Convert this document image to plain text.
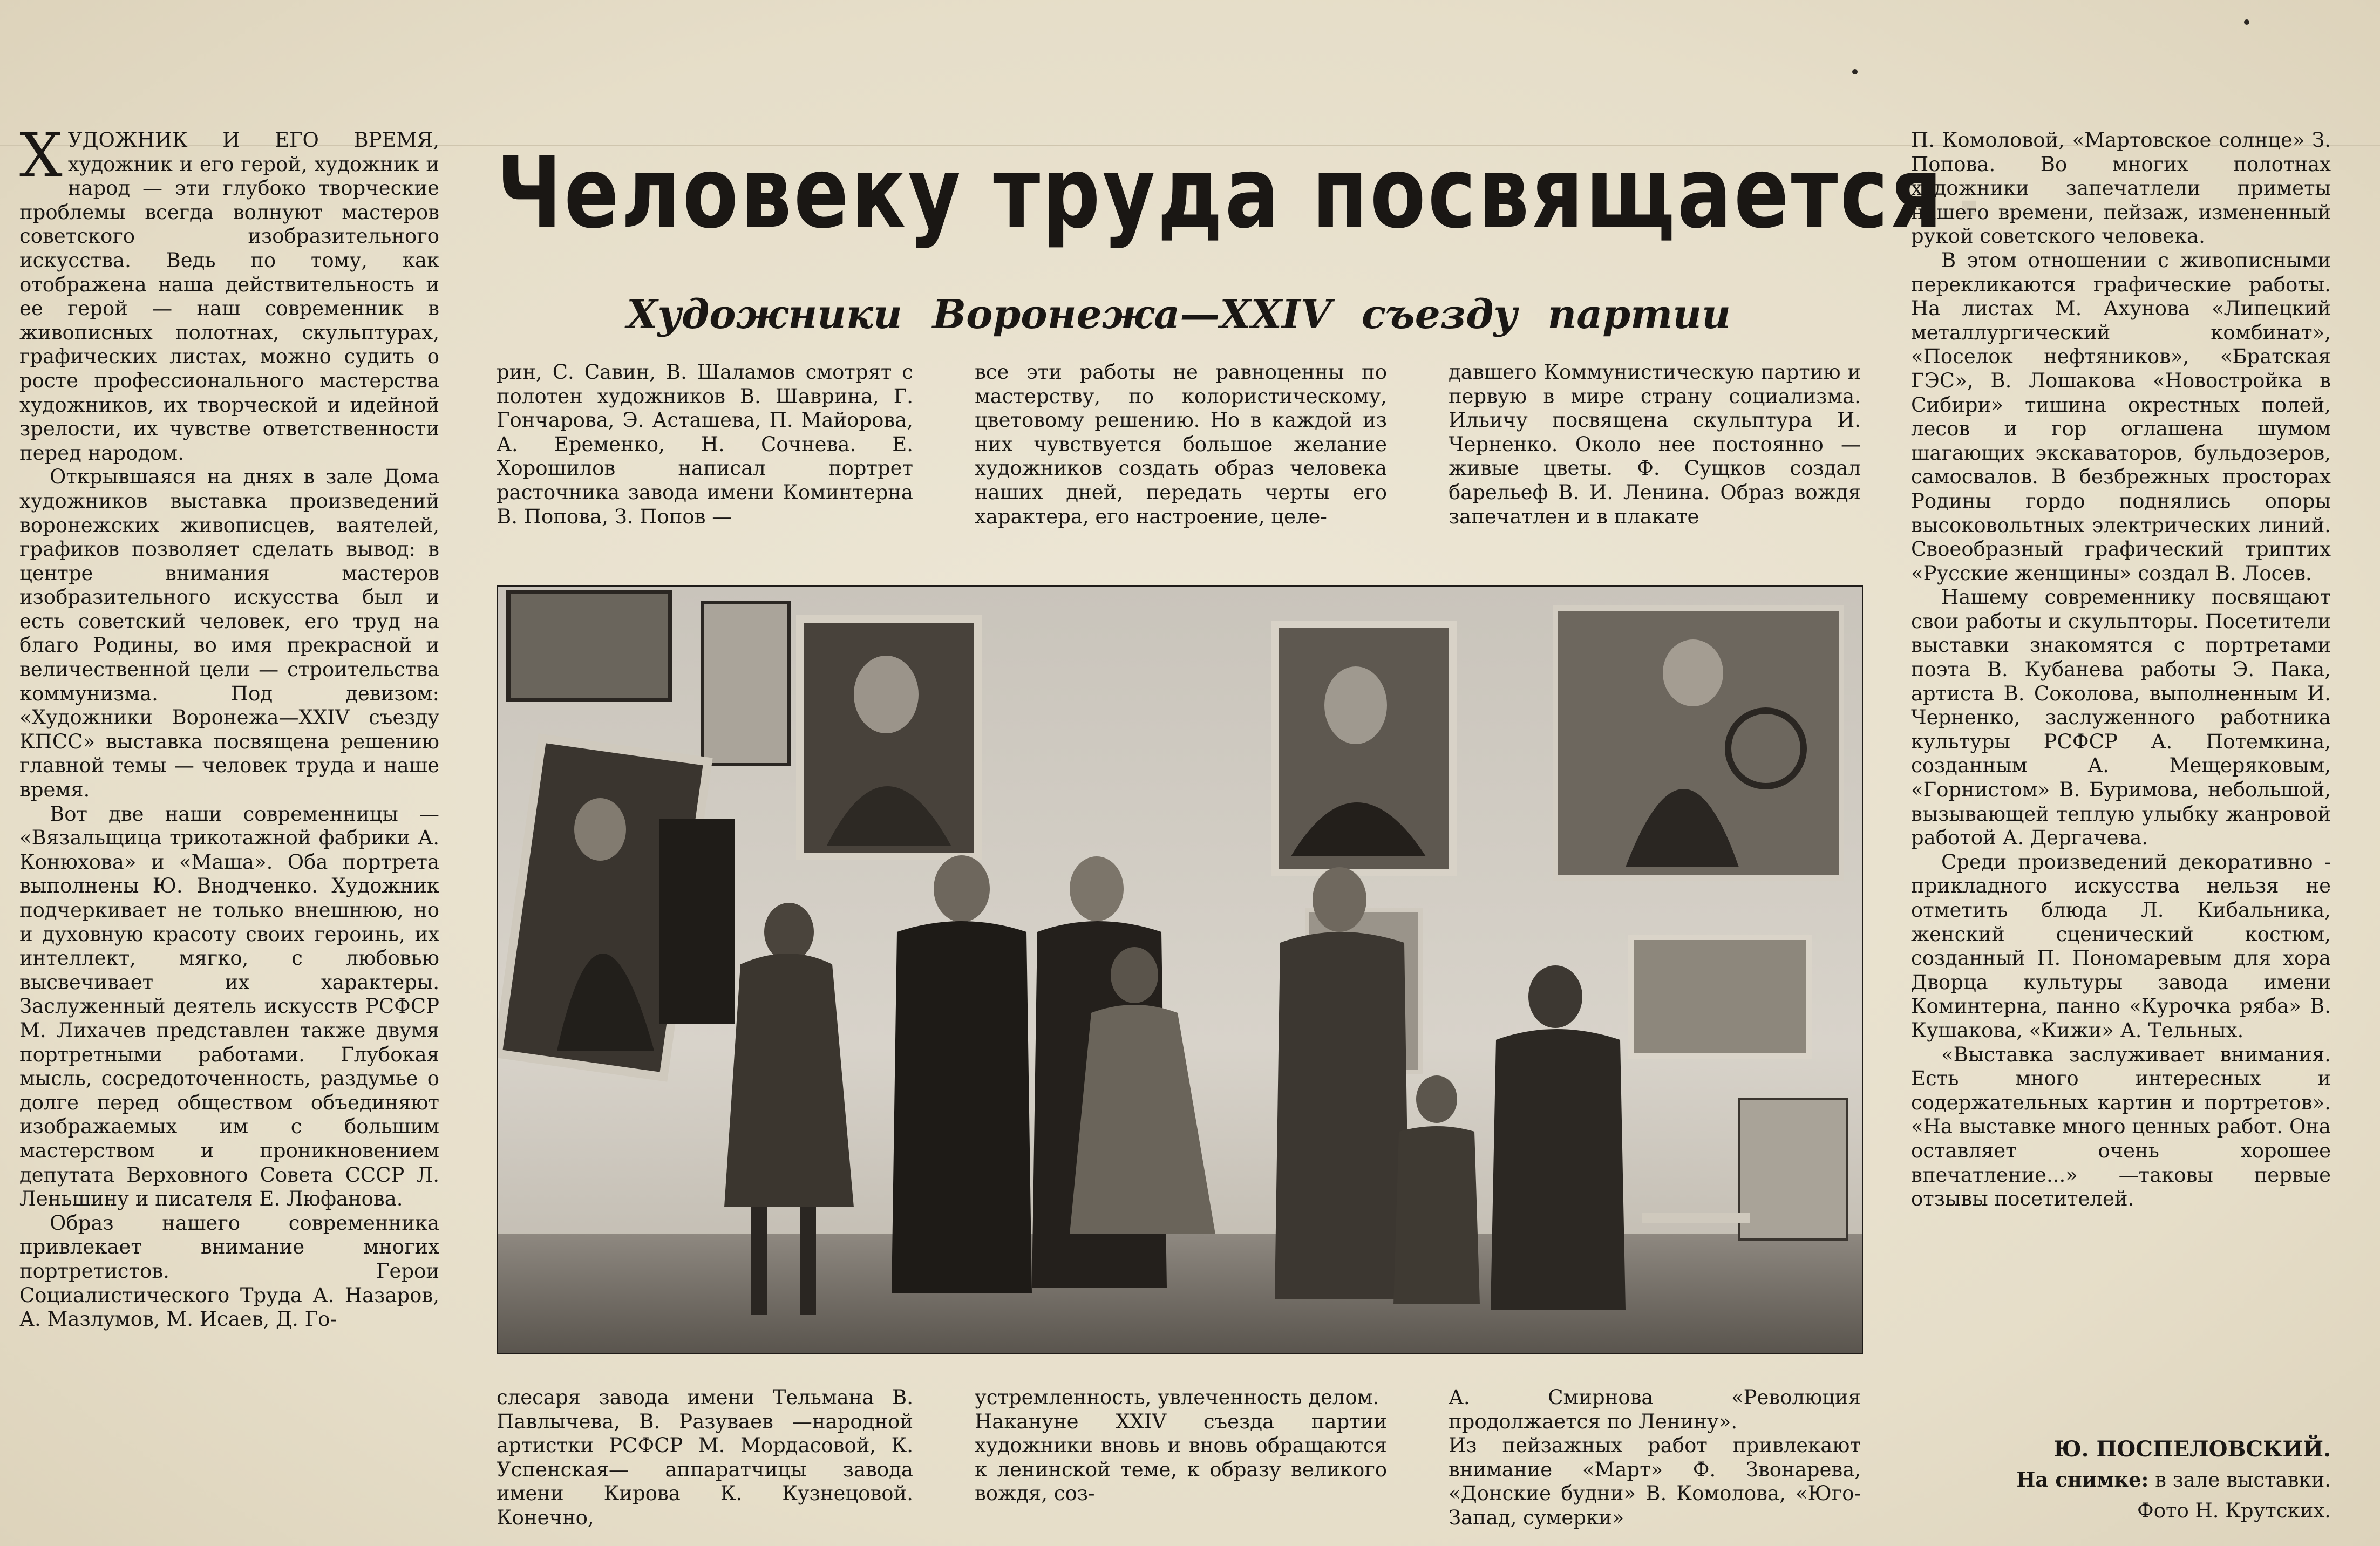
·

ХУДОЖНИК И ЕГО ВРЕМЯ, художник и его герой, художник и народ — эти глубоко творческие проблемы всегда волнуют мастеров советского изобразительного искусства. Ведь по тому, как отображена наша действительность и ее герой — наш современник в живописных полотнах, скульптурах, графических листах, можно судить о росте профессионального мастерства художников, их творческой и идейной зрелости, их чувстве ответственности перед народом.

Открывшаяся на днях в зале Дома художников выставка произведений воронежских живописцев, ваятелей, графиков позволяет сделать вывод: в центре внимания мастеров изобразительного искусства был и есть советский человек, его труд на благо Родины, во имя прекрасной и величественной цели — строительства коммунизма. Под девизом: «Художники Воронежа—XXIV съезду КПСС» выставка посвящена решению главной темы — человек труда и наше время.

Вот две наши современницы — «Вязальщица трикотажной фабрики А. Конюхова» и «Маша». Оба портрета выполнены Ю. Внодченко. Художник подчеркивает не только внешнюю, но и духовную красоту своих героинь, их интеллект, мягко, с любовью высвечивает их характеры. Заслуженный деятель искусств РСФСР М. Лихачев представлен также двумя портретными работами. Глубокая мысль, сосредоточенность, раздумье о долге перед обществом объединяют изображаемых им с большим мастерством и проникновением депутата Верховного Совета СССР Л. Леньшину и писателя Е. Люфанова.

Образ нашего современника привлекает внимание многих портретистов. Герои Социалистического Труда А. Назаров, А. Мазлумов, М. Исаев, Д. Го-

Человеку труда посвящается
Художники Воронежа—XXIV съезду партии

рин, С. Савин, В. Шаламов смотрят с полотен художников В. Шаврина, Г. Гончарова, Э. Асташева, П. Майорова, А. Еременко, Н. Сочнева. Е. Хорошилов написал портрет расточника завода имени Коминтерна В. Попова, З. Попов —

все эти работы не равноценны по мастерству, по колористическому, цветовому решению. Но в каждой из них чувствуется большое желание художников создать образ человека наших дней, передать черты его характера, его настроение, целе-

давшего Коммунистическую партию и первую в мире страну социализма. Ильичу посвящена скульптура И. Черненко. Около нее постоянно — живые цветы. Ф. Сущков создал барельеф В. И. Ленина. Образ вождя запечатлен и в плакате

слесаря завода имени Тельмана В. Павлычева, В. Разуваев —народной артистки РСФСР М. Мордасовой, К. Успенская— аппаратчицы завода имени Кирова К. Кузнецовой. Конечно,

устремленность, увлеченность делом.
Накануне XXIV съезда партии художники вновь и вновь обращаются к ленинской теме, к образу великого вождя, соз-

А. Смирнова «Революция продолжается по Ленину».
Из пейзажных работ привлекают внимание «Март» Ф. Звонарева, «Донские будни» В. Комолова, «Юго-Запад, сумерки»

П. Комоловой, «Мартовское солнце» З. Попова. Во многих полотнах художники запечатлели приметы нашего времени, пейзаж, измененный рукой советского человека.

В этом отношении с живописными перекликаются графические работы. На листах М. Ахунова «Липецкий металлургический комбинат», «Поселок нефтяников», «Братская ГЭС», В. Лошакова «Новостройка в Сибири» тишина окрестных полей, лесов и гор оглашена шумом шагающих экскаваторов, бульдозеров, самосвалов. В безбрежных просторах Родины гордо поднялись опоры высоковольтных электрических линий. Своеобразный графический триптих «Русские женщины» создал В. Лосев.

Нашему современнику посвящают свои работы и скульпторы. Посетители выставки знакомятся с портретами поэта В. Кубанева работы Э. Пака, артиста В. Соколова, выполненным И. Черненко, заслуженного работника культуры РСФСР А. Потемкина, созданным А. Мещеряковым, «Горнистом» В. Буримова, небольшой, вызывающей теплую улыбку жанровой работой А. Дергачева.

Среди произведений декоративно - прикладного искусства нельзя не отметить блюда Л. Кибальника, женский сценический костюм, созданный П. Пономаревым для хора Дворца культуры завода имени Коминтерна, панно «Курочка ряба» В. Кушакова, «Кижи» А. Тельных.

«Выставка заслуживает внимания. Есть много интересных и содержательных картин и портретов». «На выставке много ценных работ. Она оставляет очень хорошее впечатление...» —таковы первые отзывы посетителей.

Ю. ПОСПЕЛОВСКИЙ.
На снимке: в зале выставки.
Фото Н. Крутских.
